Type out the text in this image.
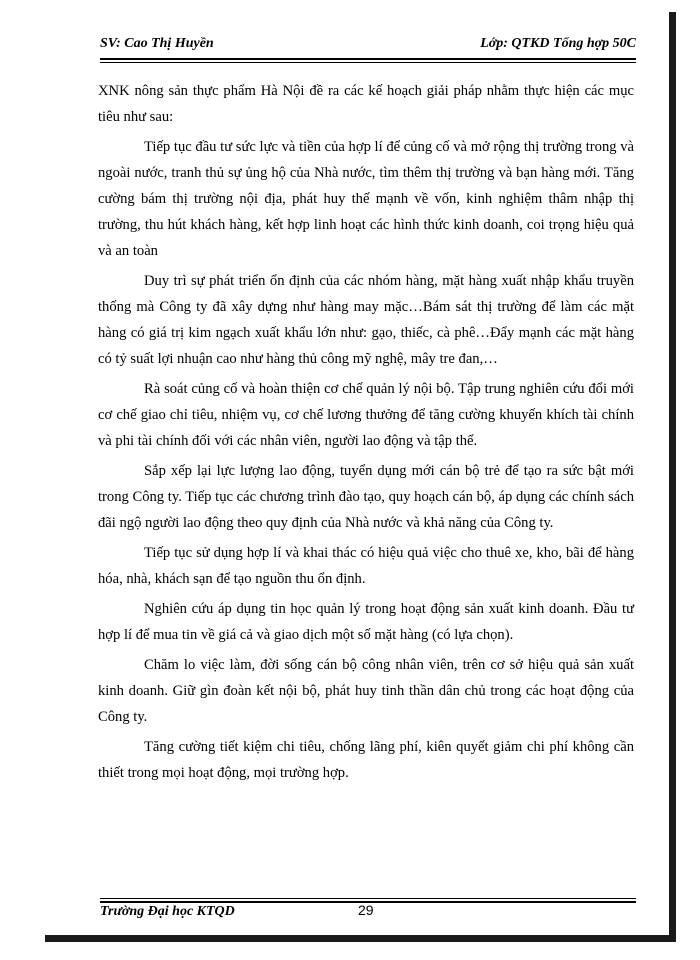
SV: Cao Thị Huyền	Lớp: QTKD Tổng hợp 50C

XNK nông sản thực phẩm Hà Nội đề ra các kế hoạch giải pháp nhằm thực hiện các mục tiêu như sau:

Tiếp tục đầu tư sức lực và tiền của hợp lí để củng cố và mở rộng thị trường trong và ngoài nước, tranh thủ sự ủng hộ của Nhà nước, tìm thêm thị trường và bạn hàng mới. Tăng cường bám thị trường nội địa, phát huy thế mạnh về vốn, kinh nghiệm thâm nhập thị trường, thu hút khách hàng, kết hợp linh hoạt các hình thức kinh doanh, coi trọng hiệu quả và an toàn

Duy trì sự phát triển ổn định của các nhóm hàng, mặt hàng xuất nhập khẩu truyền thống mà Công ty đã xây dựng như hàng may mặc…Bám sát thị trường để làm các mặt hàng có giá trị kim ngạch xuất khẩu lớn như: gạo, thiếc, cà phê…Đẩy mạnh các mặt hàng có tỷ suất lợi nhuận cao như hàng thủ công mỹ nghệ, mây tre đan,…

Rà soát củng cố và hoàn thiện cơ chế quản lý nội bộ. Tập trung nghiên cứu đổi mới cơ chế giao chỉ tiêu, nhiệm vụ, cơ chế lương thưởng để tăng cường khuyến khích tài chính và phi tài chính đối với các nhân viên, người lao động và tập thể.

Sắp xếp lại lực lượng lao động, tuyển dụng mới cán bộ trẻ để tạo ra sức bật mới trong Công ty. Tiếp tục các chương trình đào tạo, quy hoạch cán bộ, áp dụng các chính sách đãi ngộ người lao động theo quy định của Nhà nước và khả năng của Công ty.

Tiếp tục sử dụng hợp lí và khai thác có hiệu quả việc cho thuê xe, kho, bãi để hàng hóa, nhà, khách sạn để tạo nguồn thu ổn định.

Nghiên cứu áp dụng tin học quản lý trong hoạt động sản xuất kinh doanh. Đầu tư hợp lí để mua tin về giá cả và giao dịch một số mặt hàng (có lựa chọn).

Chăm lo việc làm, đời sống cán bộ công nhân viên, trên cơ sở hiệu quả sản xuất kinh doanh. Giữ gìn đoàn kết nội bộ, phát huy tinh thần dân chủ trong các hoạt động của Công ty.

Tăng cường tiết kiệm chi tiêu, chống lãng phí, kiên quyết giảm chi phí không cần thiết trong mọi hoạt động, mọi trường hợp.

Trường Đại học KTQD	29
